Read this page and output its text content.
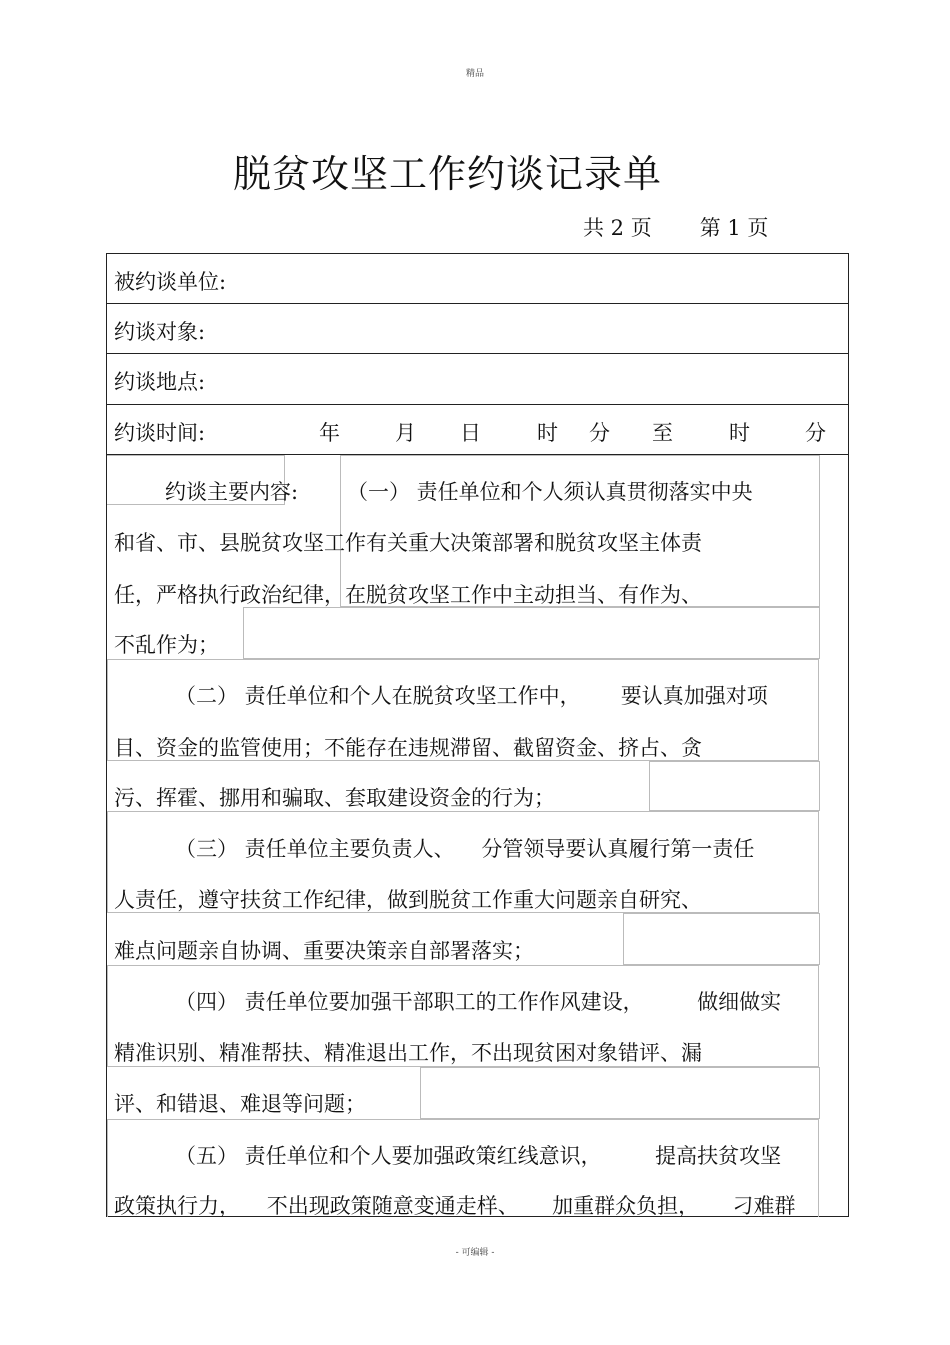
精品
脱贫攻坚工作约谈记录单
共 2 页 第 1 页
被约谈单位:
约谈对象:
约谈地点:
约谈时间:	年	月 日	时 分 至	时	分
约谈主要内容: （一） 责任单位和个人须认真贯彻落实中央
和省、市、县脱贫攻坚工作有关重大决策部署和脱贫攻坚主体责
任，严格执行政治纪律，在脱贫攻坚工作中主动担当、有作为、
不乱作为；
（二） 责任单位和个人在脱贫攻坚工作中，      要认真加强对项
目、资金的监管使用；不能存在违规滞留、截留资金、挤占、贪
污、挥霍、挪用和骗取、套取建设资金的行为；
（三） 责任单位主要负责人、    分管领导要认真履行第一责任
人责任，遵守扶贫工作纪律，做到脱贫工作重大问题亲自研究、
难点问题亲自协调、重要决策亲自部署落实；
（四） 责任单位要加强干部职工的工作作风建设，        做细做实
精准识别、精准帮扶、精准退出工作，不出现贫困对象错评、漏
评、和错退、难退等问题；
（五） 责任单位和个人要加强政策红线意识，        提高扶贫攻坚
政策执行力，    不出现政策随意变通走样、     加重群众负担，     刁难群
- 可编辑 -
